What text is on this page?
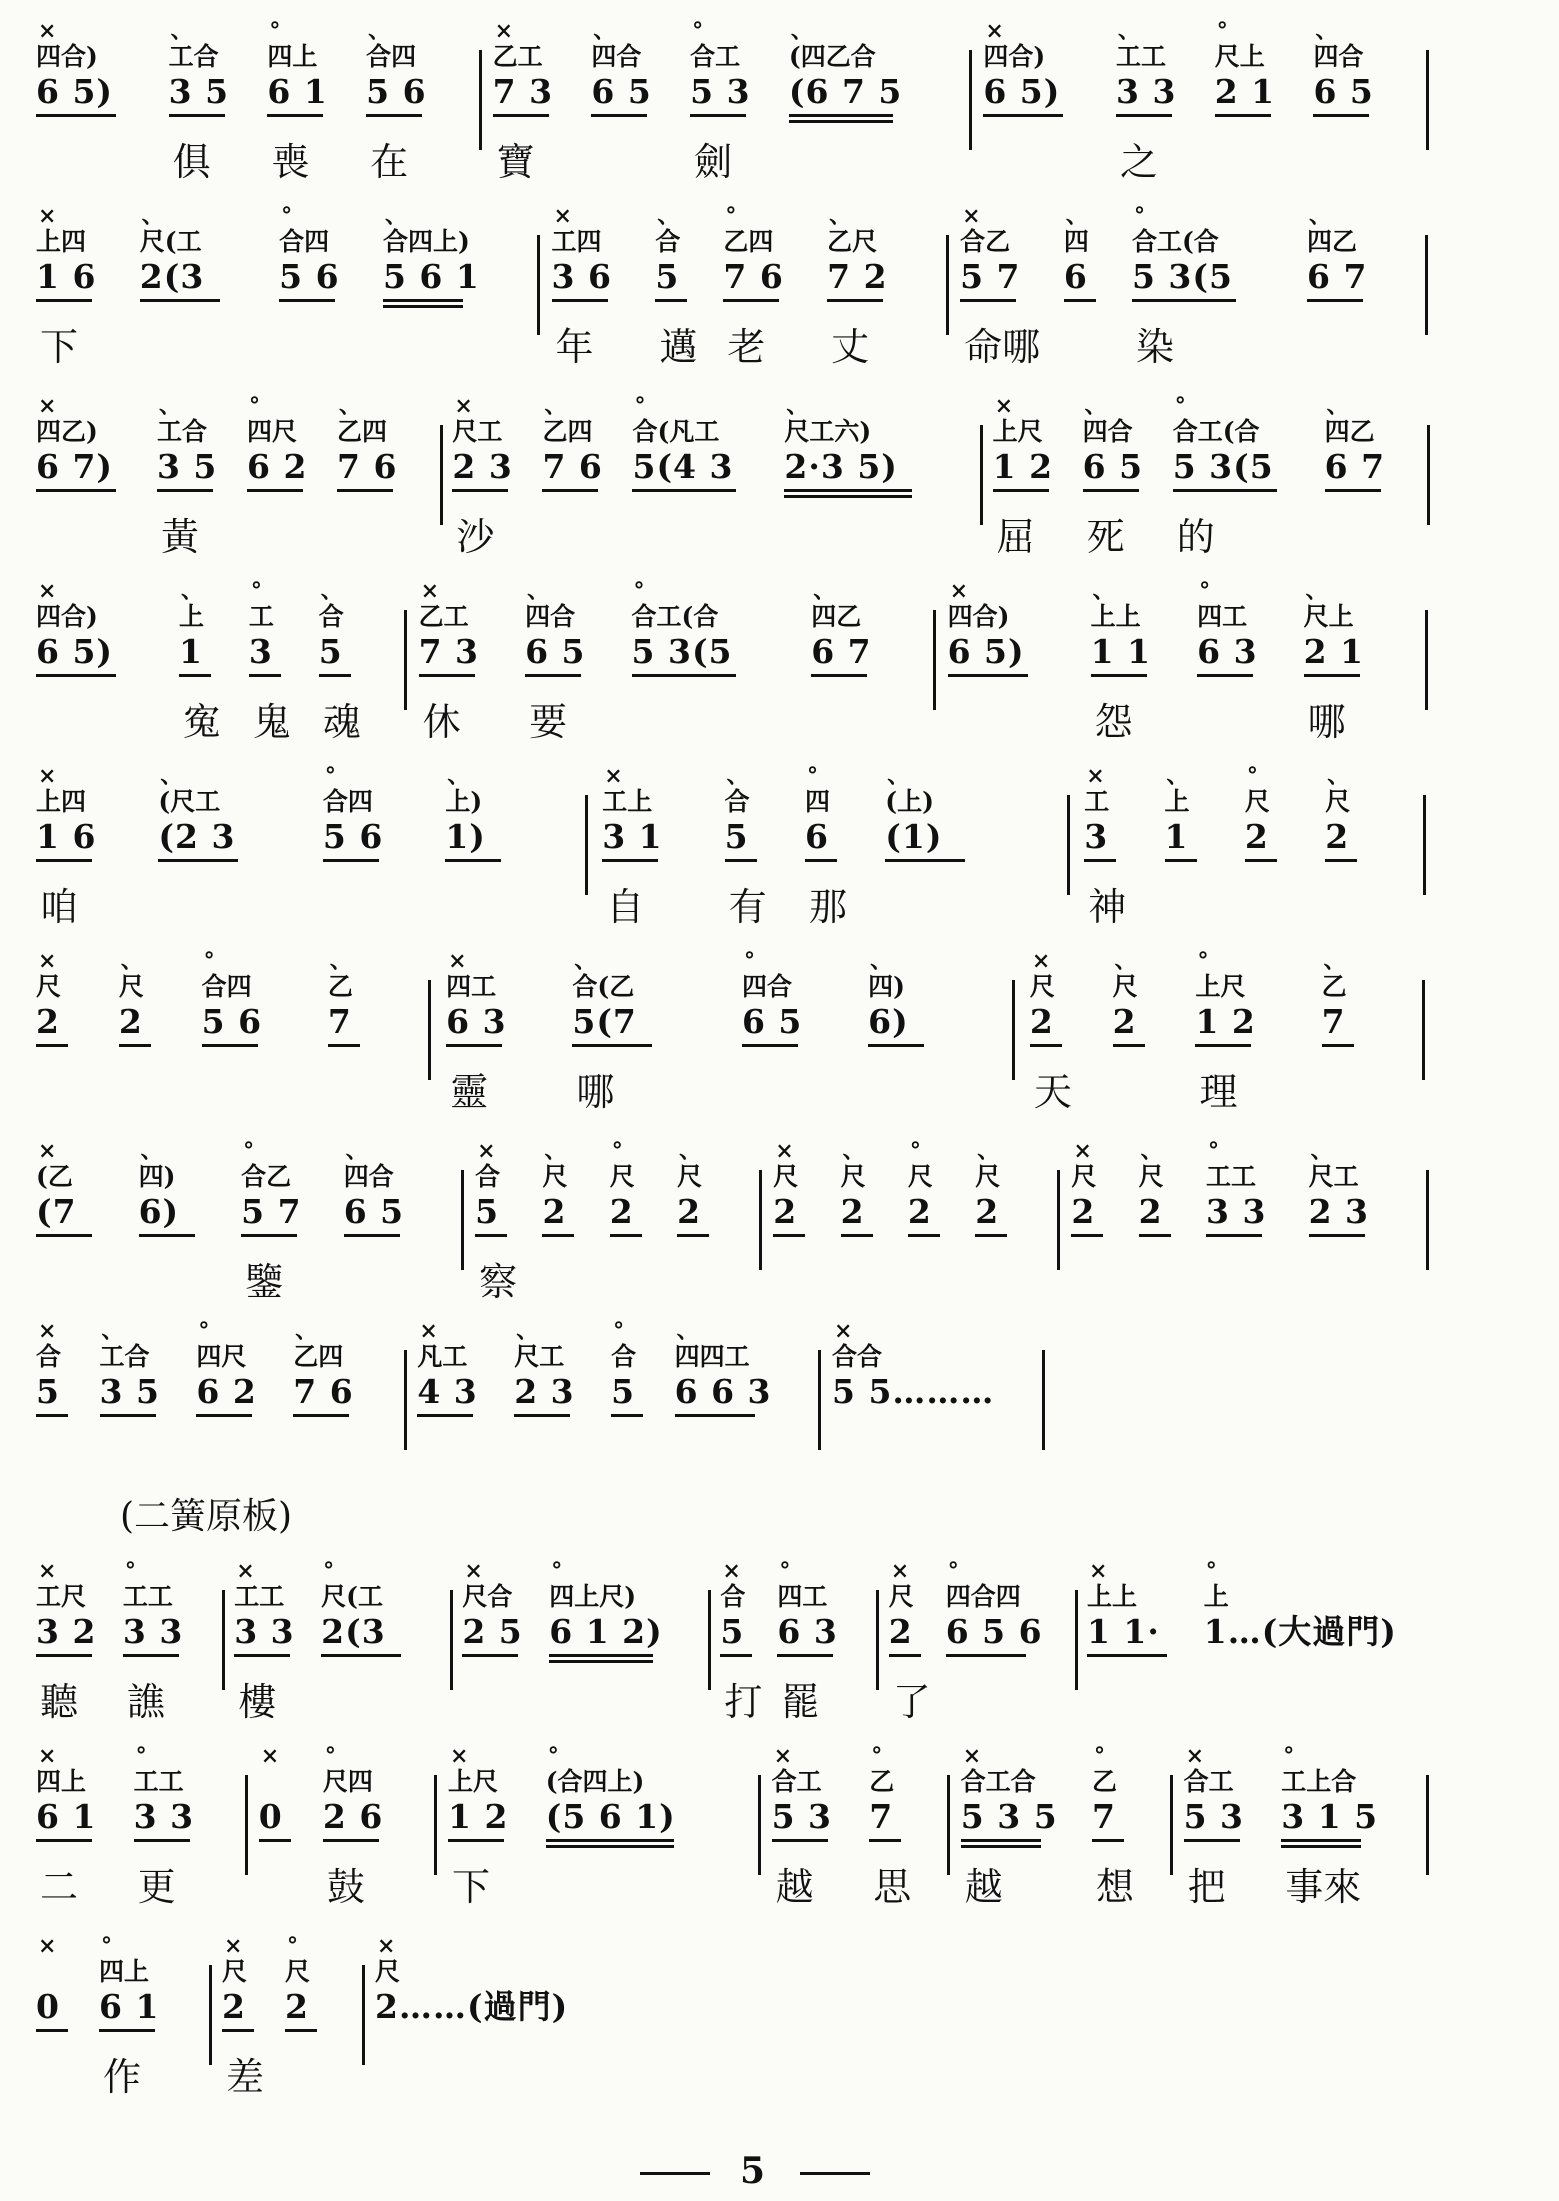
(二簧原板)
5
×
四合)
6 5)
、
工合
3 5
俱
°
四上
6 1
喪
、
合四
5 6
在
×
乙工
7 3
寶
、
四合
6 5
°
合工
5 3
劍
、
(四乙合
(6 7 5
×
四合)
6 5)
、
工工
3 3
之
°
尺上
2 1
、
四合
6 5
×
上四
1 6
下
、
尺(工
2(3
°
合四
5 6
、
合四上)
5 6 1
×
工四
3 6
年
、
合
5
邁
°
乙四
7 6
老
、
乙尺
7 2
丈
×
合乙
5 7
命哪
、
四
6
°
合工(合
5 3(5
染
、
四乙
6 7
×
四乙)
6 7)
、
工合
3 5
黃
°
四尺
6 2
、
乙四
7 6
×
尺工
2 3
沙
、
乙四
7 6
°
合(凡工
5(4 3
、
尺工六)
2·3 5)
×
上尺
1 2
屈
、
四合
6 5
死
°
合工(合
5 3(5
的
、
四乙
6 7
×
四合)
6 5)
、
上
1
寃
°
工
3
鬼
、
合
5
魂
×
乙工
7 3
休
、
四合
6 5
要
°
合工(合
5 3(5
、
四乙
6 7
×
四合)
6 5)
、
上上
1 1
怨
°
四工
6 3
、
尺上
2 1
哪
×
上四
1 6
咱
、
(尺工
(2 3
°
合四
5 6
、
上)
1)
×
工上
3 1
自
、
合
5
有
°
四
6
那
、
(上)
(1)
×
工
3
神
、
上
1
°
尺
2
、
尺
2
×
尺
2
、
尺
2
°
合四
5 6
、
乙
7
×
四工
6 3
靈
、
合(乙
5(7
哪
°
四合
6 5
、
四)
6)
×
尺
2
天
、
尺
2
°
上尺
1 2
理
、
乙
7
×
(乙
(7
、
四)
6)
°
合乙
5 7
鑒
、
四合
6 5
×
合
5
察
、
尺
2
°
尺
2
、
尺
2
×
尺
2
、
尺
2
°
尺
2
、
尺
2
×
尺
2
、
尺
2
°
工工
3 3
、
尺工
2 3
×
合
5
、
工合
3 5
°
四尺
6 2
、
乙四
7 6
×
凡工
4 3
、
尺工
2 3
°
合
5
、
四四工
6 6 3
×
合合
5 5………
×
工尺
3 2
聽
°
工工
3 3
譙
×
工工
3 3
樓
°
尺(工
2(3
×
尺合
2 5
°
四上尺)
6 1 2)
×
合
5
打
°
四工
6 3
罷
×
尺
2
了
°
四合四
6 5 6
×
上上
1 1·
°
上
1…(大過門)
×
四上
6 1
二
°
工工
3 3
更
×
0
°
尺四
2 6
鼓
×
上尺
1 2
下
°
(合四上)
(5 6 1)
×
合工
5 3
越
°
乙
7
思
×
合工合
5 3 5
越
°
乙
7
想
×
合工
5 3
把
°
工上合
3 1 5
事來
×
0
°
四上
6 1
作
×
尺
2
差
°
尺
2
×
尺
2……(過門)
